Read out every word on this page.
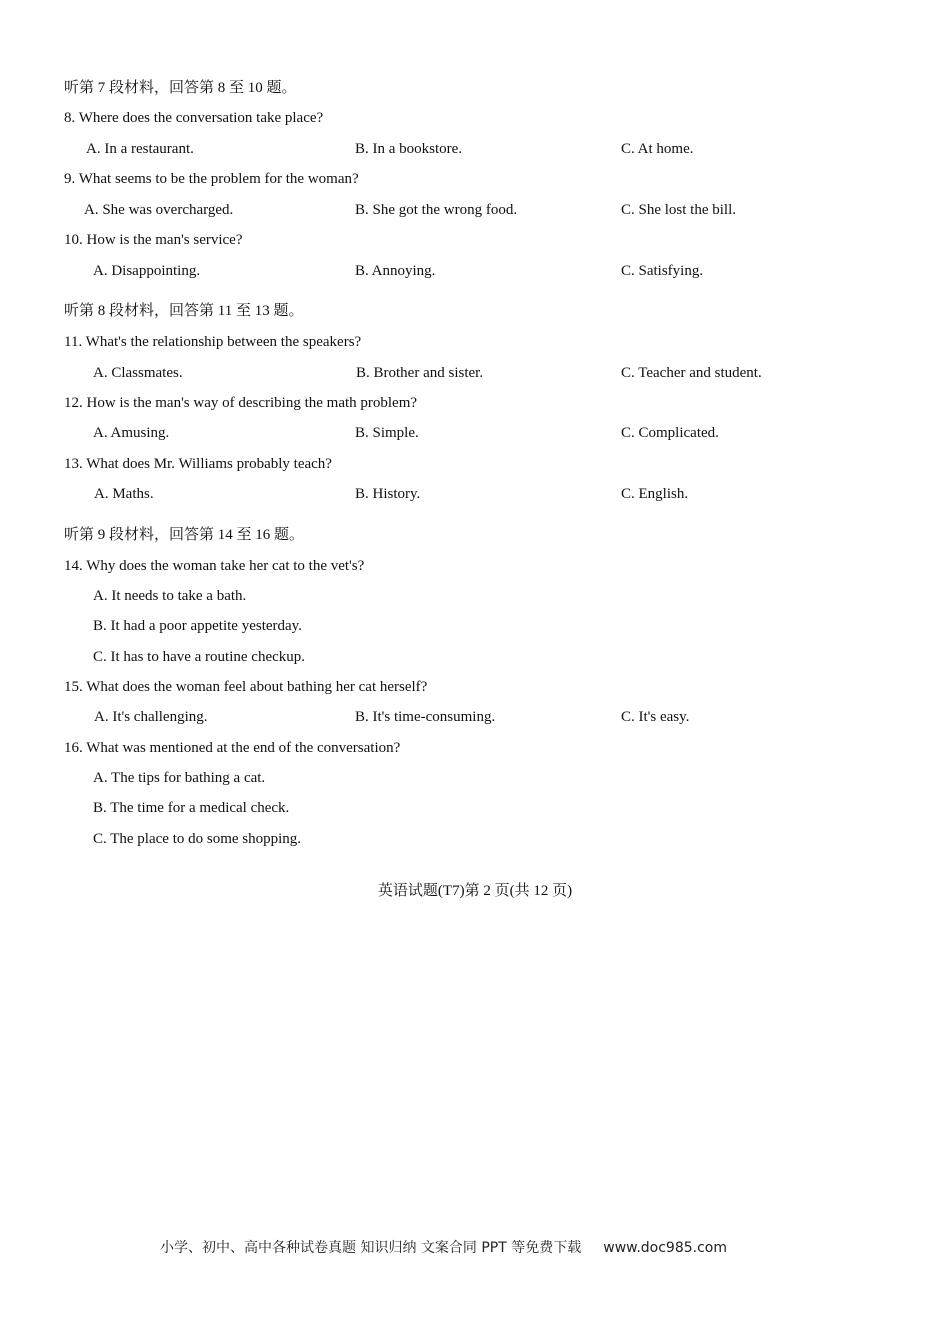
听第 7 段材料，回答第 8 至 10 题。
8. Where does the conversation take place?
A. In a restaurant.	B. In a bookstore.	C. At home.
9. What seems to be the problem for the woman?
A. She was overcharged.	B. She got the wrong food.	C. She lost the bill.
10. How is the man's service?
A. Disappointing.	B. Annoying.	C. Satisfying.
听第 8 段材料，回答第 11 至 13 题。
11. What's the relationship between the speakers?
A. Classmates.	B. Brother and sister.	C. Teacher and student.
12. How is the man's way of describing the math problem?
A. Amusing.	B. Simple.	C. Complicated.
13. What does Mr. Williams probably teach?
A. Maths.	B. History.	C. English.
听第 9 段材料，回答第 14 至 16 题。
14. Why does the woman take her cat to the vet's?
A. It needs to take a bath.
B. It had a poor appetite yesterday.
C. It has to have a routine checkup.
15. What does the woman feel about bathing her cat herself?
A. It's challenging.	B. It's time-consuming.	C. It's easy.
16. What was mentioned at the end of the conversation?
A. The tips for bathing a cat.
B. The time for a medical check.
C. The place to do some shopping.
英语试题(T7)第 2 页(共 12 页)
小学、初中、高中各种试卷真题 知识归纳 文案合同 PPT 等免费下载 www.doc985.com
